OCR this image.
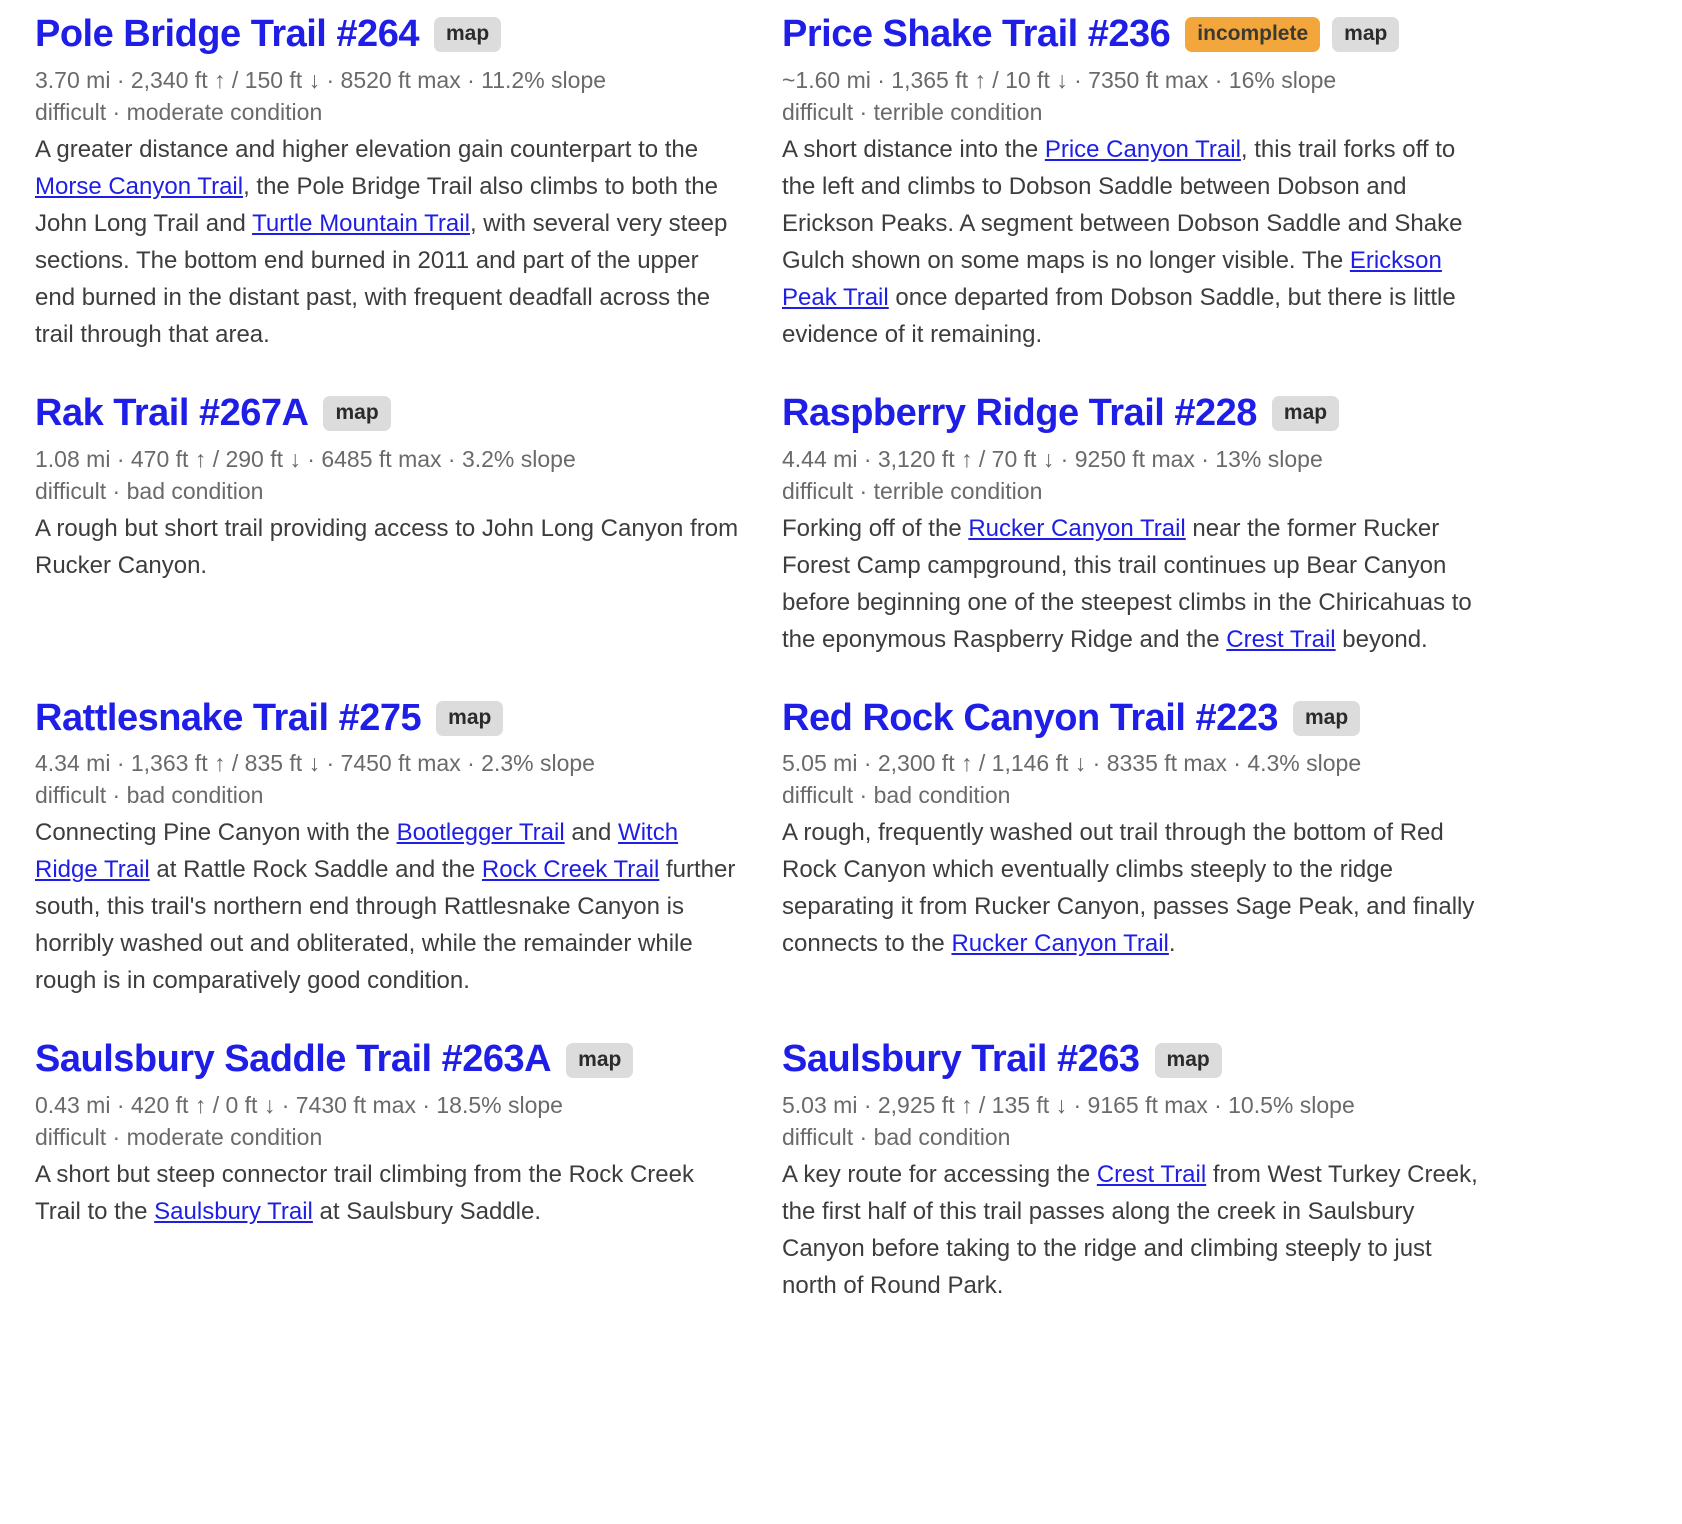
Pole Bridge Trail #264	map
3.70 mi · 2,340 ft ↑ / 150 ft ↓ · 8520 ft max · 11.2% slope
difficult · moderate condition

A greater distance and higher elevation gain counterpart to the Morse Canyon Trail, the Pole Bridge Trail also climbs to both the John Long Trail and Turtle Mountain Trail, with several very steep sections. The bottom end burned in 2011 and part of the upper end burned in the distant past, with frequent deadfall across the trail through that area.

Price Shake Trail #236	incomplete	map
~1.60 mi · 1,365 ft ↑ / 10 ft ↓ · 7350 ft max · 16% slope
difficult · terrible condition

A short distance into the Price Canyon Trail, this trail forks off to the left and climbs to Dobson Saddle between Dobson and Erickson Peaks. A segment between Dobson Saddle and Shake Gulch shown on some maps is no longer visible. The Erickson Peak Trail once departed from Dobson Saddle, but there is little evidence of it remaining.

Rak Trail #267A	map
1.08 mi · 470 ft ↑ / 290 ft ↓ · 6485 ft max · 3.2% slope
difficult · bad condition

A rough but short trail providing access to John Long Canyon from Rucker Canyon.

Raspberry Ridge Trail #228	map
4.44 mi · 3,120 ft ↑ / 70 ft ↓ · 9250 ft max · 13% slope
difficult · terrible condition

Forking off of the Rucker Canyon Trail near the former Rucker Forest Camp campground, this trail continues up Bear Canyon before beginning one of the steepest climbs in the Chiricahuas to the eponymous Raspberry Ridge and the Crest Trail beyond.

Rattlesnake Trail #275	map
4.34 mi · 1,363 ft ↑ / 835 ft ↓ · 7450 ft max · 2.3% slope
difficult · bad condition

Connecting Pine Canyon with the Bootlegger Trail and Witch Ridge Trail at Rattle Rock Saddle and the Rock Creek Trail further south, this trail's northern end through Rattlesnake Canyon is horribly washed out and obliterated, while the remainder while rough is in comparatively good condition.

Red Rock Canyon Trail #223	map
5.05 mi · 2,300 ft ↑ / 1,146 ft ↓ · 8335 ft max · 4.3% slope
difficult · bad condition

A rough, frequently washed out trail through the bottom of Red Rock Canyon which eventually climbs steeply to the ridge separating it from Rucker Canyon, passes Sage Peak, and finally connects to the Rucker Canyon Trail.

Saulsbury Saddle Trail #263A	map
0.43 mi · 420 ft ↑ / 0 ft ↓ · 7430 ft max · 18.5% slope
difficult · moderate condition

A short but steep connector trail climbing from the Rock Creek Trail to the Saulsbury Trail at Saulsbury Saddle.

Saulsbury Trail #263	map
5.03 mi · 2,925 ft ↑ / 135 ft ↓ · 9165 ft max · 10.5% slope
difficult · bad condition

A key route for accessing the Crest Trail from West Turkey Creek, the first half of this trail passes along the creek in Saulsbury Canyon before taking to the ridge and climbing steeply to just north of Round Park.
